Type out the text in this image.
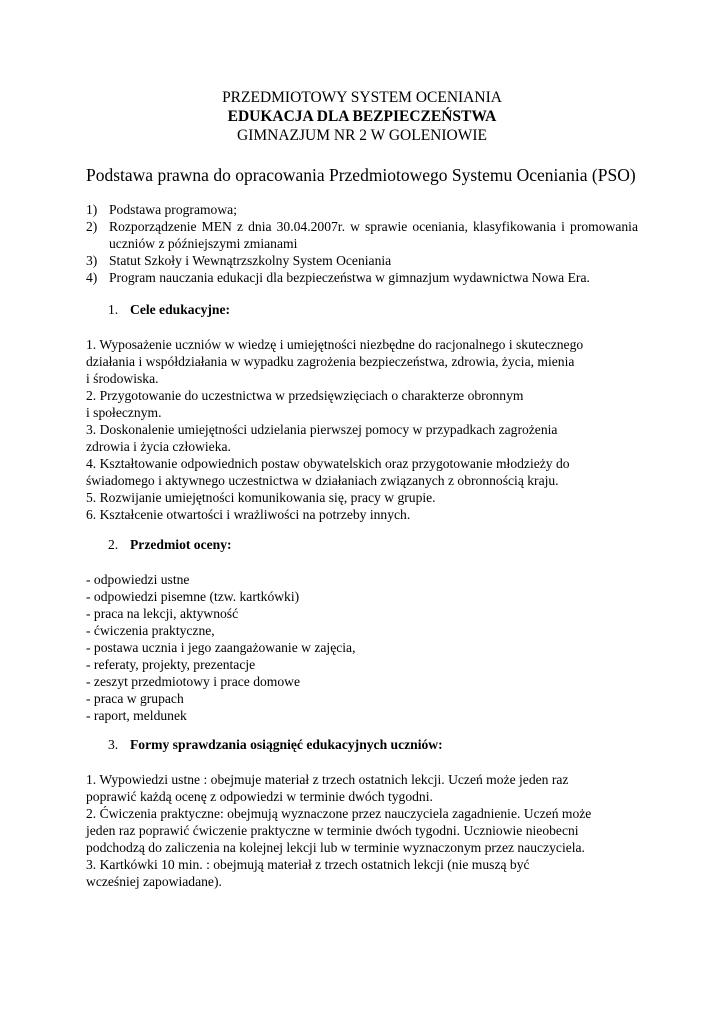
PRZEDMIOTOWY SYSTEM OCENIANIA
EDUKACJA DLA BEZPIECZEŃSTWA
GIMNAZJUM NR 2 W GOLENIOWIE
Podstawa prawna do opracowania Przedmiotowego Systemu Oceniania (PSO)
1) Podstawa programowa;
2) Rozporządzenie MEN z dnia 30.04.2007r. w sprawie oceniania, klasyfikowania i promowania uczniów z późniejszymi zmianami
3) Statut Szkoły i Wewnątrzszkolny System Oceniania
4) Program nauczania edukacji dla bezpieczeństwa w gimnazjum wydawnictwa Nowa Era.
1. Cele edukacyjne:
1. Wyposażenie uczniów w wiedzę i umiejętności niezbędne do racjonalnego i skutecznego
działania i współdziałania w wypadku zagrożenia bezpieczeństwa, zdrowia, życia, mienia
i środowiska.
2. Przygotowanie do uczestnictwa w przedsięwzięciach o charakterze obronnym
i społecznym.
3. Doskonalenie umiejętności udzielania pierwszej pomocy w przypadkach zagrożenia
zdrowia i życia człowieka.
4. Kształtowanie odpowiednich postaw obywatelskich oraz przygotowanie młodzieży do
świadomego i aktywnego uczestnictwa w działaniach związanych z obronnością kraju.
5. Rozwijanie umiejętności komunikowania się, pracy w grupie.
6. Kształcenie otwartości i wrażliwości na potrzeby innych.
2. Przedmiot oceny:
- odpowiedzi ustne
- odpowiedzi pisemne (tzw. kartkówki)
- praca na lekcji, aktywność
- ćwiczenia praktyczne,
- postawa ucznia i jego zaangażowanie w zajęcia,
- referaty, projekty, prezentacje
- zeszyt przedmiotowy i prace domowe
- praca w grupach
- raport, meldunek
3. Formy sprawdzania osiągnięć edukacyjnych uczniów:
1. Wypowiedzi ustne : obejmuje materiał z trzech ostatnich lekcji. Uczeń może jeden raz
poprawić każdą ocenę z odpowiedzi w terminie dwóch tygodni.
2. Ćwiczenia praktyczne: obejmują wyznaczone przez nauczyciela zagadnienie. Uczeń może
jeden raz poprawić ćwiczenie praktyczne w terminie dwóch tygodni. Uczniowie nieobecni
podchodzą do zaliczenia na kolejnej lekcji lub w terminie wyznaczonym przez nauczyciela.
3. Kartkówki 10 min. : obejmują materiał z trzech ostatnich lekcji (nie muszą być
wcześniej zapowiadane).
